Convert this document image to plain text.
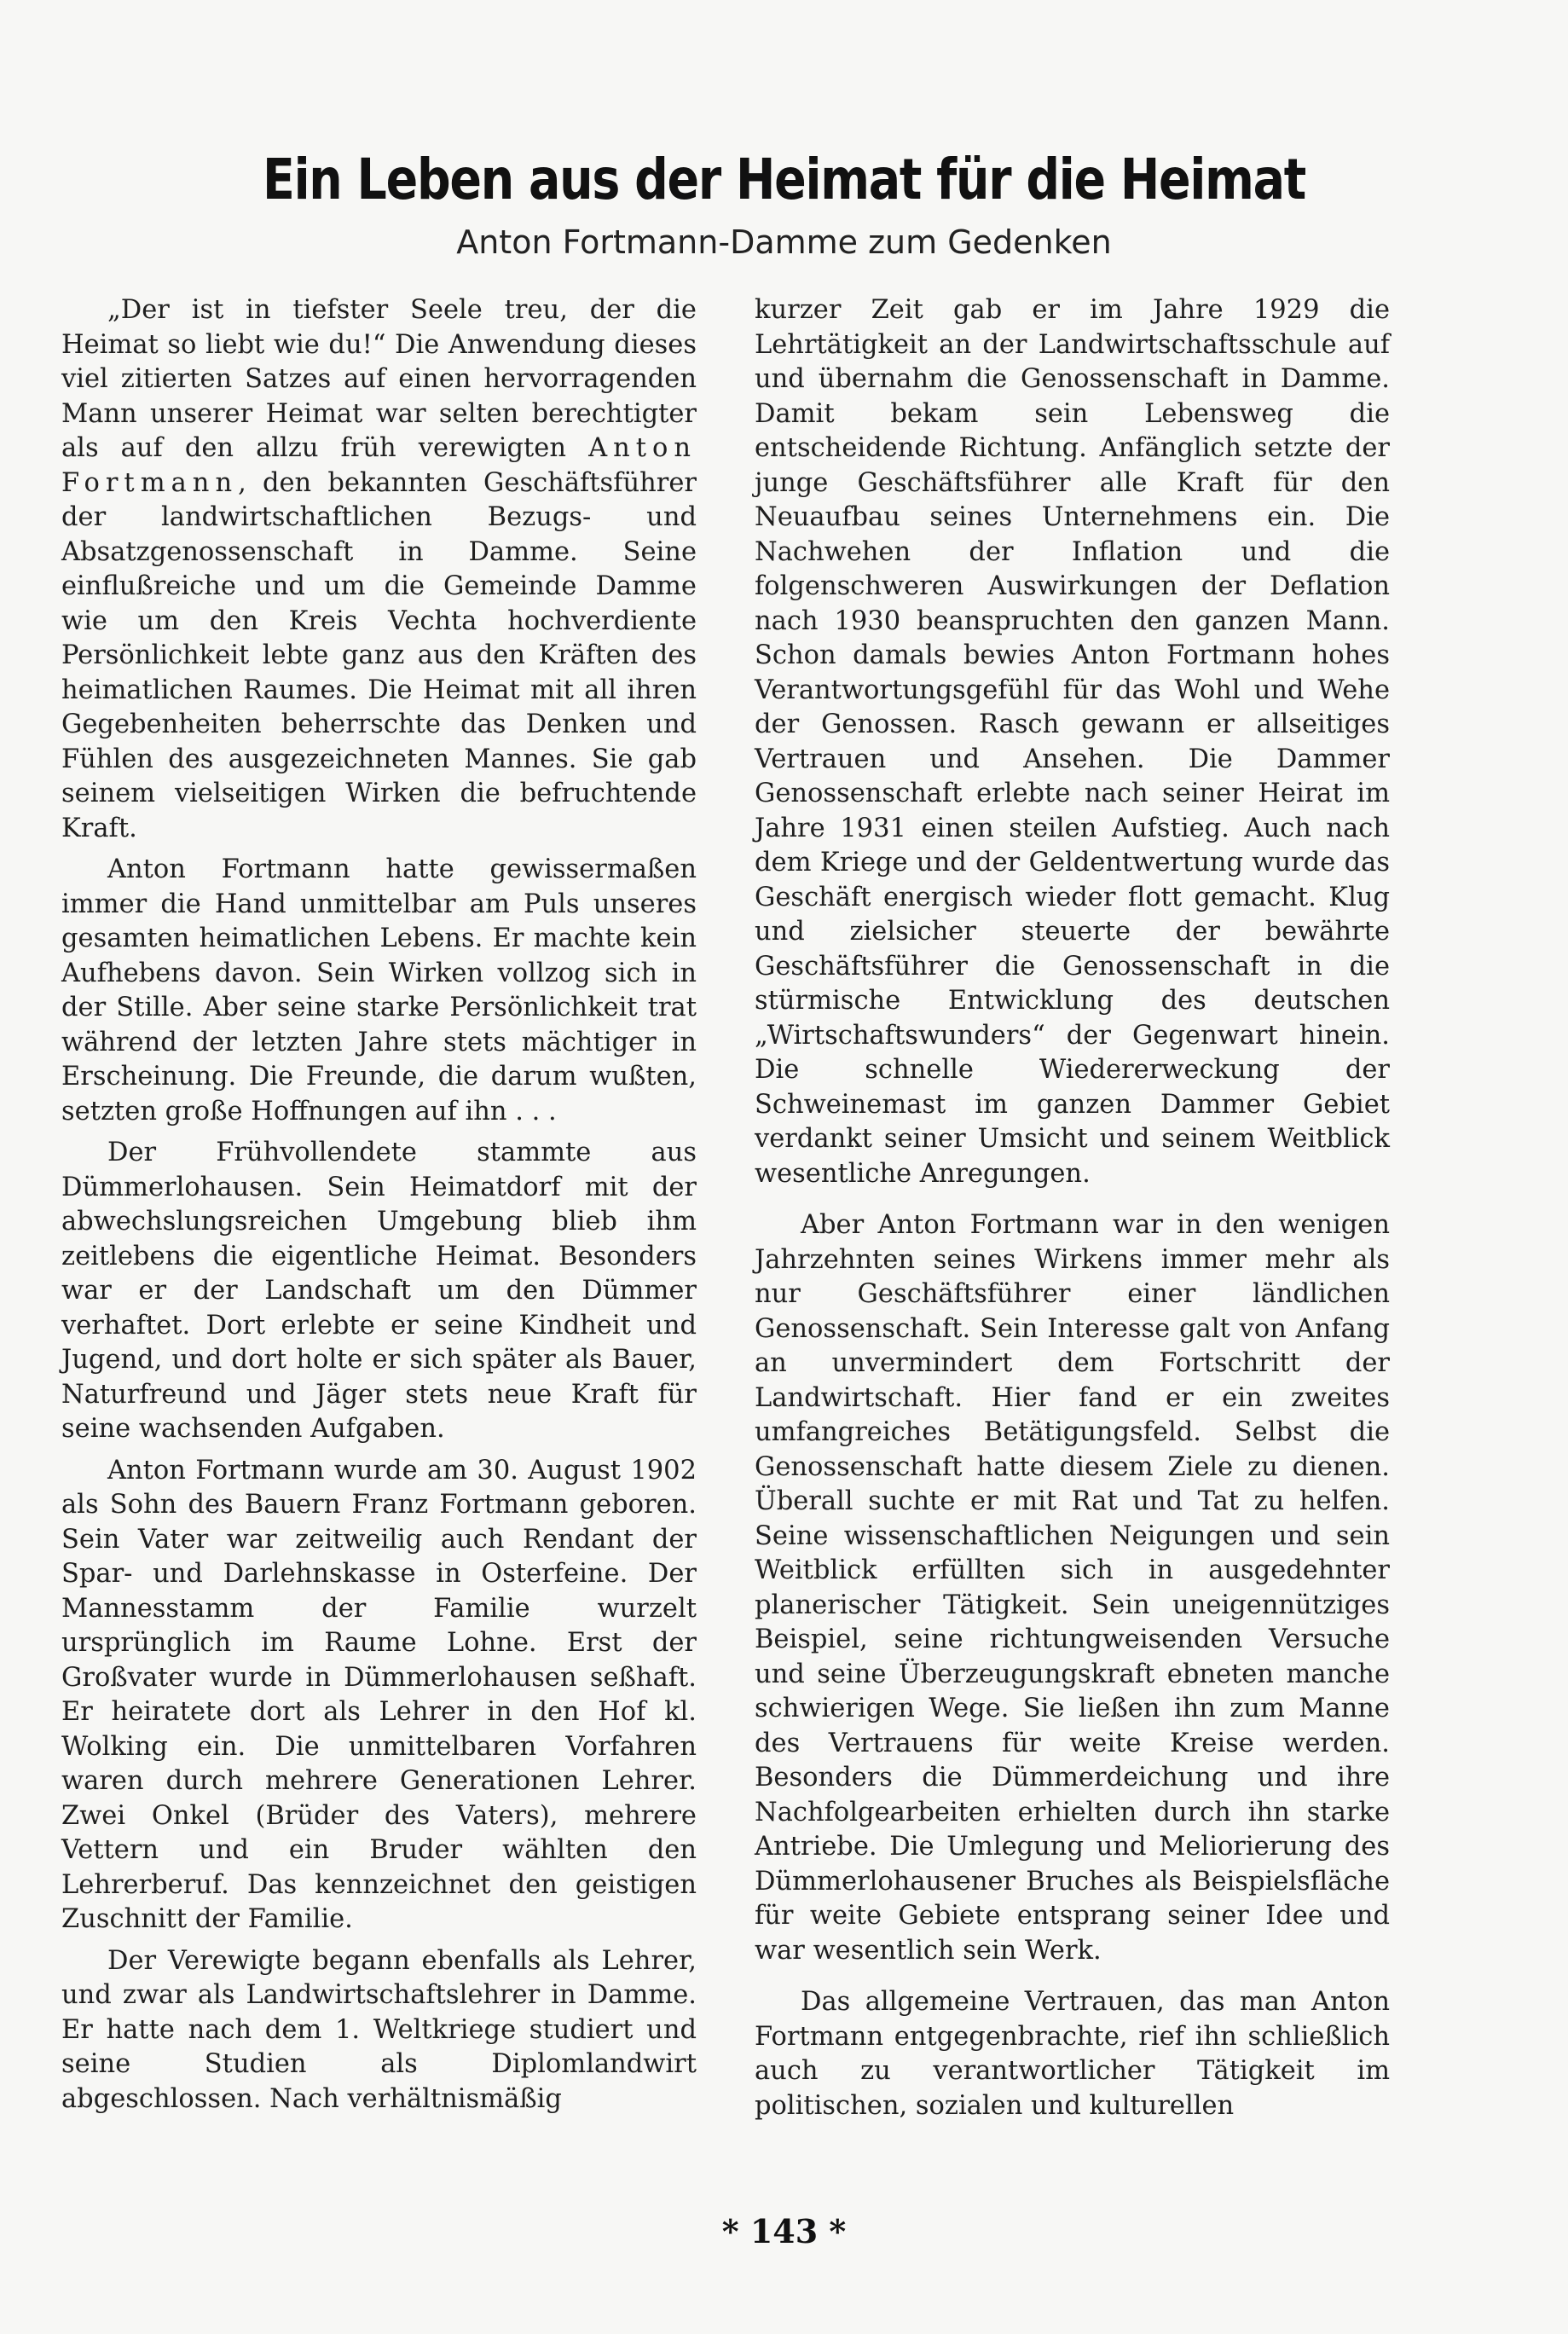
Ein Leben aus der Heimat für die Heimat
Anton Fortmann-Damme zum Gedenken

„Der ist in tiefster Seele treu, der die Heimat so liebt wie du!“ Die Anwendung dieses viel zitierten Satzes auf einen hervorragenden Mann unserer Heimat war selten berechtigter als auf den allzu früh verewigten Anton Fortmann, den bekannten Geschäftsführer der landwirtschaftlichen Bezugs- und Absatzgenossenschaft in Damme. Seine einflußreiche und um die Gemeinde Damme wie um den Kreis Vechta hochverdiente Persönlichkeit lebte ganz aus den Kräften des heimatlichen Raumes. Die Heimat mit all ihren Gegebenheiten beherrschte das Denken und Fühlen des ausgezeichneten Mannes. Sie gab seinem vielseitigen Wirken die befruchtende Kraft.

Anton Fortmann hatte gewissermaßen immer die Hand unmittelbar am Puls unseres gesamten heimatlichen Lebens. Er machte kein Aufhebens davon. Sein Wirken vollzog sich in der Stille. Aber seine starke Persönlichkeit trat während der letzten Jahre stets mächtiger in Erscheinung. Die Freunde, die darum wußten, setzten große Hoffnungen auf ihn . . .

Der Frühvollendete stammte aus Dümmerlohausen. Sein Heimatdorf mit der abwechslungsreichen Umgebung blieb ihm zeitlebens die eigentliche Heimat. Besonders war er der Landschaft um den Dümmer verhaftet. Dort erlebte er seine Kindheit und Jugend, und dort holte er sich später als Bauer, Naturfreund und Jäger stets neue Kraft für seine wachsenden Aufgaben.

Anton Fortmann wurde am 30. August 1902 als Sohn des Bauern Franz Fortmann geboren. Sein Vater war zeitweilig auch Rendant der Spar- und Darlehnskasse in Osterfeine. Der Mannesstamm der Familie wurzelt ursprünglich im Raume Lohne. Erst der Großvater wurde in Dümmerlohausen seßhaft. Er heiratete dort als Lehrer in den Hof kl. Wolking ein. Die unmittelbaren Vorfahren waren durch mehrere Generationen Lehrer. Zwei Onkel (Brüder des Vaters), mehrere Vettern und ein Bruder wählten den Lehrerberuf. Das kennzeichnet den geistigen Zuschnitt der Familie.

Der Verewigte begann ebenfalls als Lehrer, und zwar als Landwirtschaftslehrer in Damme. Er hatte nach dem 1. Weltkriege studiert und seine Studien als Diplomlandwirt abgeschlossen. Nach verhältnismäßig

kurzer Zeit gab er im Jahre 1929 die Lehrtätigkeit an der Landwirtschaftsschule auf und übernahm die Genossenschaft in Damme. Damit bekam sein Lebensweg die entscheidende Richtung. Anfänglich setzte der junge Geschäftsführer alle Kraft für den Neuaufbau seines Unternehmens ein. Die Nachwehen der Inflation und die folgenschweren Auswirkungen der Deflation nach 1930 beanspruchten den ganzen Mann. Schon damals bewies Anton Fortmann hohes Verantwortungsgefühl für das Wohl und Wehe der Genossen. Rasch gewann er allseitiges Vertrauen und Ansehen. Die Dammer Genossenschaft erlebte nach seiner Heirat im Jahre 1931 einen steilen Aufstieg. Auch nach dem Kriege und der Geldentwertung wurde das Geschäft energisch wieder flott gemacht. Klug und zielsicher steuerte der bewährte Geschäftsführer die Genossenschaft in die stürmische Entwicklung des deutschen „Wirtschaftswunders“ der Gegenwart hinein. Die schnelle Wiedererweckung der Schweinemast im ganzen Dammer Gebiet verdankt seiner Umsicht und seinem Weitblick wesentliche Anregungen.

Aber Anton Fortmann war in den wenigen Jahrzehnten seines Wirkens immer mehr als nur Geschäftsführer einer ländlichen Genossenschaft. Sein Interesse galt von Anfang an unvermindert dem Fortschritt der Landwirtschaft. Hier fand er ein zweites umfangreiches Betätigungsfeld. Selbst die Genossenschaft hatte diesem Ziele zu dienen. Überall suchte er mit Rat und Tat zu helfen. Seine wissenschaftlichen Neigungen und sein Weitblick erfüllten sich in ausgedehnter planerischer Tätigkeit. Sein uneigennütziges Beispiel, seine richtungweisenden Versuche und seine Überzeugungskraft ebneten manche schwierigen Wege. Sie ließen ihn zum Manne des Vertrauens für weite Kreise werden. Besonders die Dümmerdeichung und ihre Nachfolgearbeiten erhielten durch ihn starke Antriebe. Die Umlegung und Meliorierung des Dümmerlohausener Bruches als Beispielsfläche für weite Gebiete entsprang seiner Idee und war wesentlich sein Werk.

Das allgemeine Vertrauen, das man Anton Fortmann entgegenbrachte, rief ihn schließlich auch zu verantwortlicher Tätigkeit im politischen, sozialen und kulturellen

* 143 *
